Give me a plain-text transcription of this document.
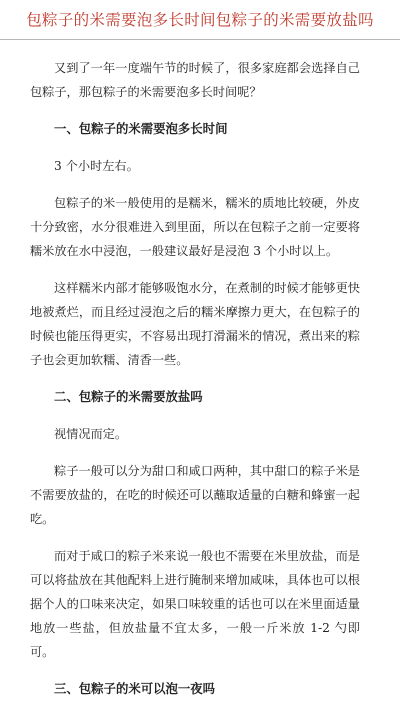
包粽子的米需要泡多长时间包粽子的米需要放盐吗

又到了一年一度端午节的时候了，很多家庭都会选择自己包粽子，那包粽子的米需要泡多长时间呢？

一、包粽子的米需要泡多长时间

3 个小时左右。

包粽子的米一般使用的是糯米，糯米的质地比较硬，外皮十分致密，水分很难进入到里面，所以在包粽子之前一定要将糯米放在水中浸泡，一般建议最好是浸泡 3 个小时以上。

这样糯米内部才能够吸饱水分，在煮制的时候才能够更快地被煮烂，而且经过浸泡之后的糯米摩擦力更大，在包粽子的时候也能压得更实，不容易出现打滑漏米的情况，煮出来的粽子也会更加软糯、清香一些。

二、包粽子的米需要放盐吗

视情况而定。

粽子一般可以分为甜口和咸口两种，其中甜口的粽子米是不需要放盐的，在吃的时候还可以蘸取适量的白糖和蜂蜜一起吃。

而对于咸口的粽子米来说一般也不需要在米里放盐，而是可以将盐放在其他配料上进行腌制来增加咸味，具体也可以根据个人的口味来决定，如果口味较重的话也可以在米里面适量地放一些盐，但放盐量不宜太多，一般一斤米放 1-2 勺即可。

三、包粽子的米可以泡一夜吗
